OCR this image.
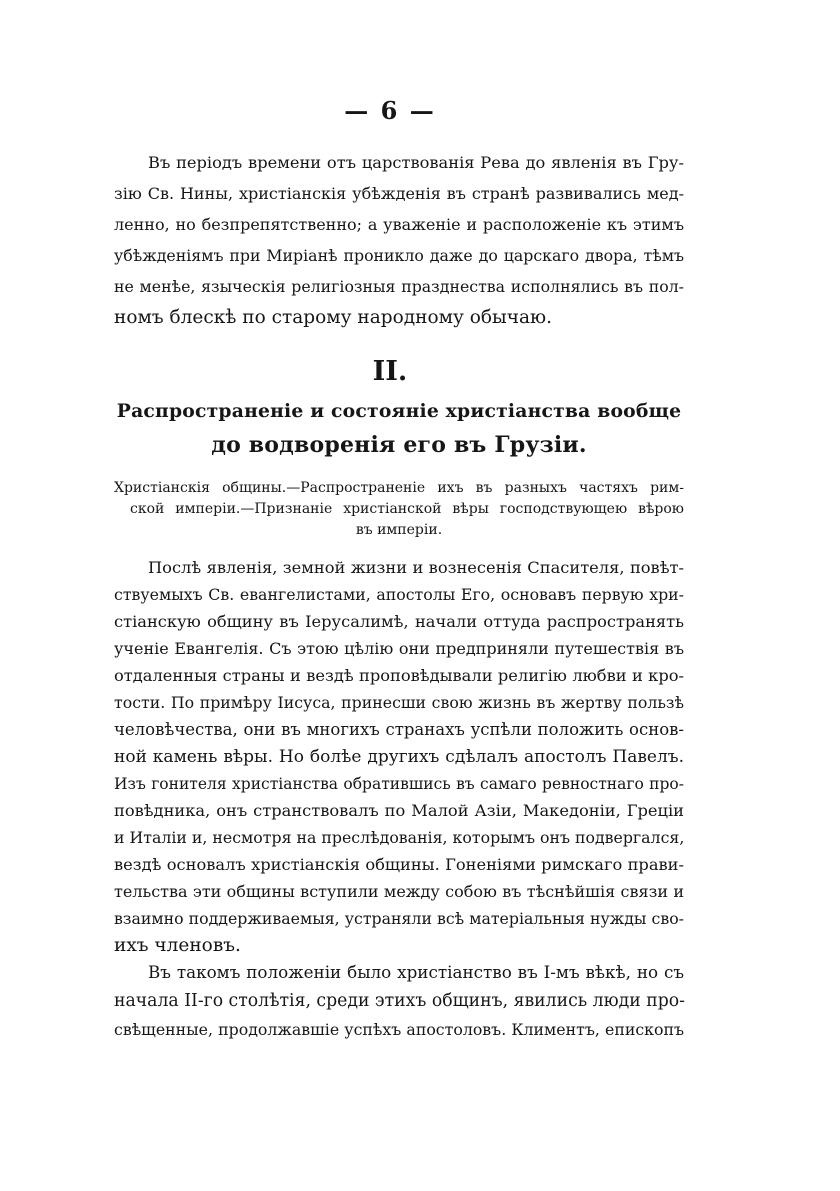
— 6 —
Въ періодъ времени отъ царствованія Рева до явленія въ Гру-
зію Св. Нины, христіанскія убѣжденія въ странѣ развивались мед-
ленно, но безпрепятственно; а уваженіе и расположеніе къ этимъ
убѣжденіямъ при Миріанѣ проникло даже до царскаго двора, тѣмъ
не менѣе, языческія религіозныя празднества исполнялись въ пол-
номъ блескѣ по старому народному обычаю.
II.
Распространеніе и состояніе христіанства вообще
до водворенія его въ Грузіи.
Христіанскія общины.—Распространеніе ихъ въ разныхъ частяхъ рим-
ской имперіи.—Признаніе христіанской вѣры господствующею вѣрою
въ имперіи.
Послѣ явленія, земной жизни и вознесенія Спасителя, повѣт-
ствуемыхъ Св. евангелистами, апостолы Его, основавъ первую хри-
стіанскую общину въ Іерусалимѣ, начали оттуда распространять
ученіе Евангелія. Съ этою цѣлію они предприняли путешествія въ
отдаленныя страны и вездѣ проповѣдывали религію любви и кро-
тости. По примѣру Іисуса, принесши свою жизнь въ жертву пользѣ
человѣчества, они въ многихъ странахъ успѣли положить основ-
ной камень вѣры. Но болѣе другихъ сдѣлалъ апостолъ Павелъ.
Изъ гонителя христіанства обратившись въ самаго ревностнаго про-
повѣдника, онъ странствовалъ по Малой Азіи, Македоніи, Греціи
и Италіи и, несмотря на преслѣдованія, которымъ онъ подвергался,
вездѣ основалъ христіанскія общины. Гоненіями римскаго прави-
тельства эти общины вступили между собою въ тѣснѣйшія связи и
взаимно поддерживаемыя, устраняли всѣ матеріальныя нужды сво-
ихъ членовъ.
Въ такомъ положеніи было христіанство въ I-мъ вѣкѣ, но съ
начала II-го столѣтія, среди этихъ общинъ, явились люди про-
свѣщенные, продолжавшіе успѣхъ апостоловъ. Климентъ, епископъ
